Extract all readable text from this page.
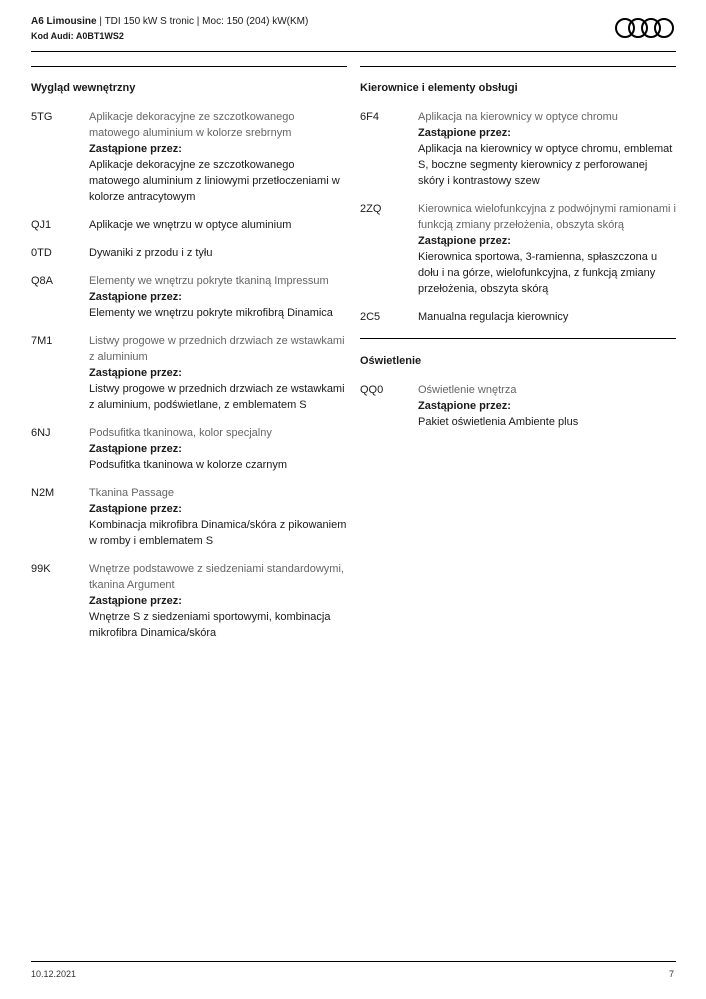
A6 Limousine | TDI 150 kW S tronic | Moc: 150 (204) kW(KM)
Kod Audi: A0BT1WS2
Wygląd wewnętrzny
5TG	Aplikacje dekoracyjne ze szczotkowanego matowego aluminium w kolorze srebrnym
Zastąpione przez:
Aplikacje dekoracyjne ze szczotkowanego matowego aluminium z liniowymi przetłoczeniami w kolorze antracytowym
QJ1	Aplikacje we wnętrzu w optyce aluminium
0TD	Dywaniki z przodu i z tyłu
Q8A	Elementy we wnętrzu pokryte tkaniną Impressum
Zastąpione przez:
Elementy we wnętrzu pokryte mikrofibrą Dinamica
7M1	Listwy progowe w przednich drzwiach ze wstawkami z aluminium
Zastąpione przez:
Listwy progowe w przednich drzwiach ze wstawkami z aluminium, podświetlane, z emblematem S
6NJ	Podsufitka tkaninowa, kolor specjalny
Zastąpione przez:
Podsufitka tkaninowa w kolorze czarnym
N2M	Tkanina Passage
Zastąpione przez:
Kombinacja mikrofibra Dinamica/skóra z pikowaniem w romby i emblematem S
99K	Wnętrze podstawowe z siedzeniami standardowymi, tkanina Argument
Zastąpione przez:
Wnętrze S z siedzeniami sportowymi, kombinacja mikrofibra Dinamica/skóra
Kierownice i elementy obsługi
6F4	Aplikacja na kierownicy w optyce chromu
Zastąpione przez:
Aplikacja na kierownicy w optyce chromu, emblemat S, boczne segmenty kierownicy z perforowanej skóry i kontrastowy szew
2ZQ	Kierownica wielofunkcyjna z podwójnymi ramionami i funkcją zmiany przełożenia, obszyta skórą
Zastąpione przez:
Kierownica sportowa, 3-ramienna, spłaszczona u dołu i na górze, wielofunkcyjna, z funkcją zmiany przełożenia, obszyta skórą
2C5	Manualna regulacja kierownicy
Oświetlenie
QQ0	Oświetlenie wnętrza
Zastąpione przez:
Pakiet oświetlenia Ambiente plus
10.12.2021	7
